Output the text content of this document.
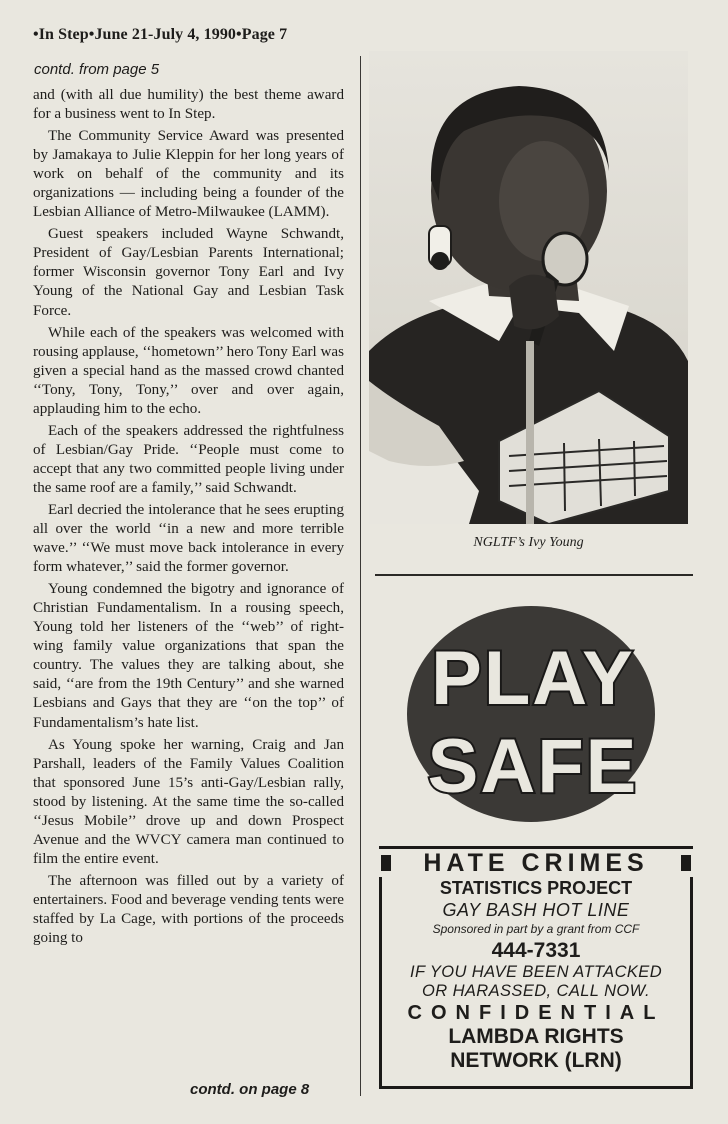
•In Step•June 21-July 4, 1990•Page 7
contd. from page 5

and (with all due humility) the best theme award for a business went to In Step.

The Community Service Award was presented by Jamakaya to Julie Kleppin for her long years of work on behalf of the community and its organizations — including being a founder of the Lesbian Alliance of Metro-Milwaukee (LAMM).

Guest speakers included Wayne Schwandt, President of Gay/Lesbian Parents International; former Wisconsin governor Tony Earl and Ivy Young of the National Gay and Lesbian Task Force.

While each of the speakers was welcomed with rousing applause, ‘‘hometown’’ hero Tony Earl was given a special hand as the massed crowd chanted ‘‘Tony, Tony, Tony,’’ over and over again, applauding him to the echo.

Each of the speakers addressed the rightfulness of Lesbian/Gay Pride. ‘‘People must come to accept that any two committed people living under the same roof are a family,’’ said Schwandt.

Earl decried the intolerance that he sees erupting all over the world ‘‘in a new and more terrible wave.’’ ‘‘We must move back intolerance in every form whatever,’’ said the former governor.

Young condemned the bigotry and ignorance of Christian Fundamentalism. In a rousing speech, Young told her listeners of the ‘‘web’’ of right-wing family value organizations that span the country. The values they are talking about, she said, ‘‘are from the 19th Century’’ and she warned Lesbians and Gays that they are ‘‘on the top’’ of Fundamentalism’s hate list.

As Young spoke her warning, Craig and Jan Parshall, leaders of the Family Values Coalition that sponsored June 15’s anti-Gay/Lesbian rally, stood by listening. At the same time the so-called ‘‘Jesus Mobile’’ drove up and down Prospect Avenue and the WVCY camera man continued to film the entire event.

The afternoon was filled out by a variety of entertainers. Food and beverage vending tents were staffed by La Cage, with portions of the proceeds going to

contd. on page 8
NGLTF’s Ivy Young
PLAY
SAFE
HATE CRIMES
STATISTICS PROJECT
GAY BASH HOT LINE
Sponsored in part by a grant from CCF
444-7331
IF YOU HAVE BEEN ATTACKED
OR HARASSED, CALL NOW.
CONFIDENTIAL
LAMBDA RIGHTS
NETWORK (LRN)
